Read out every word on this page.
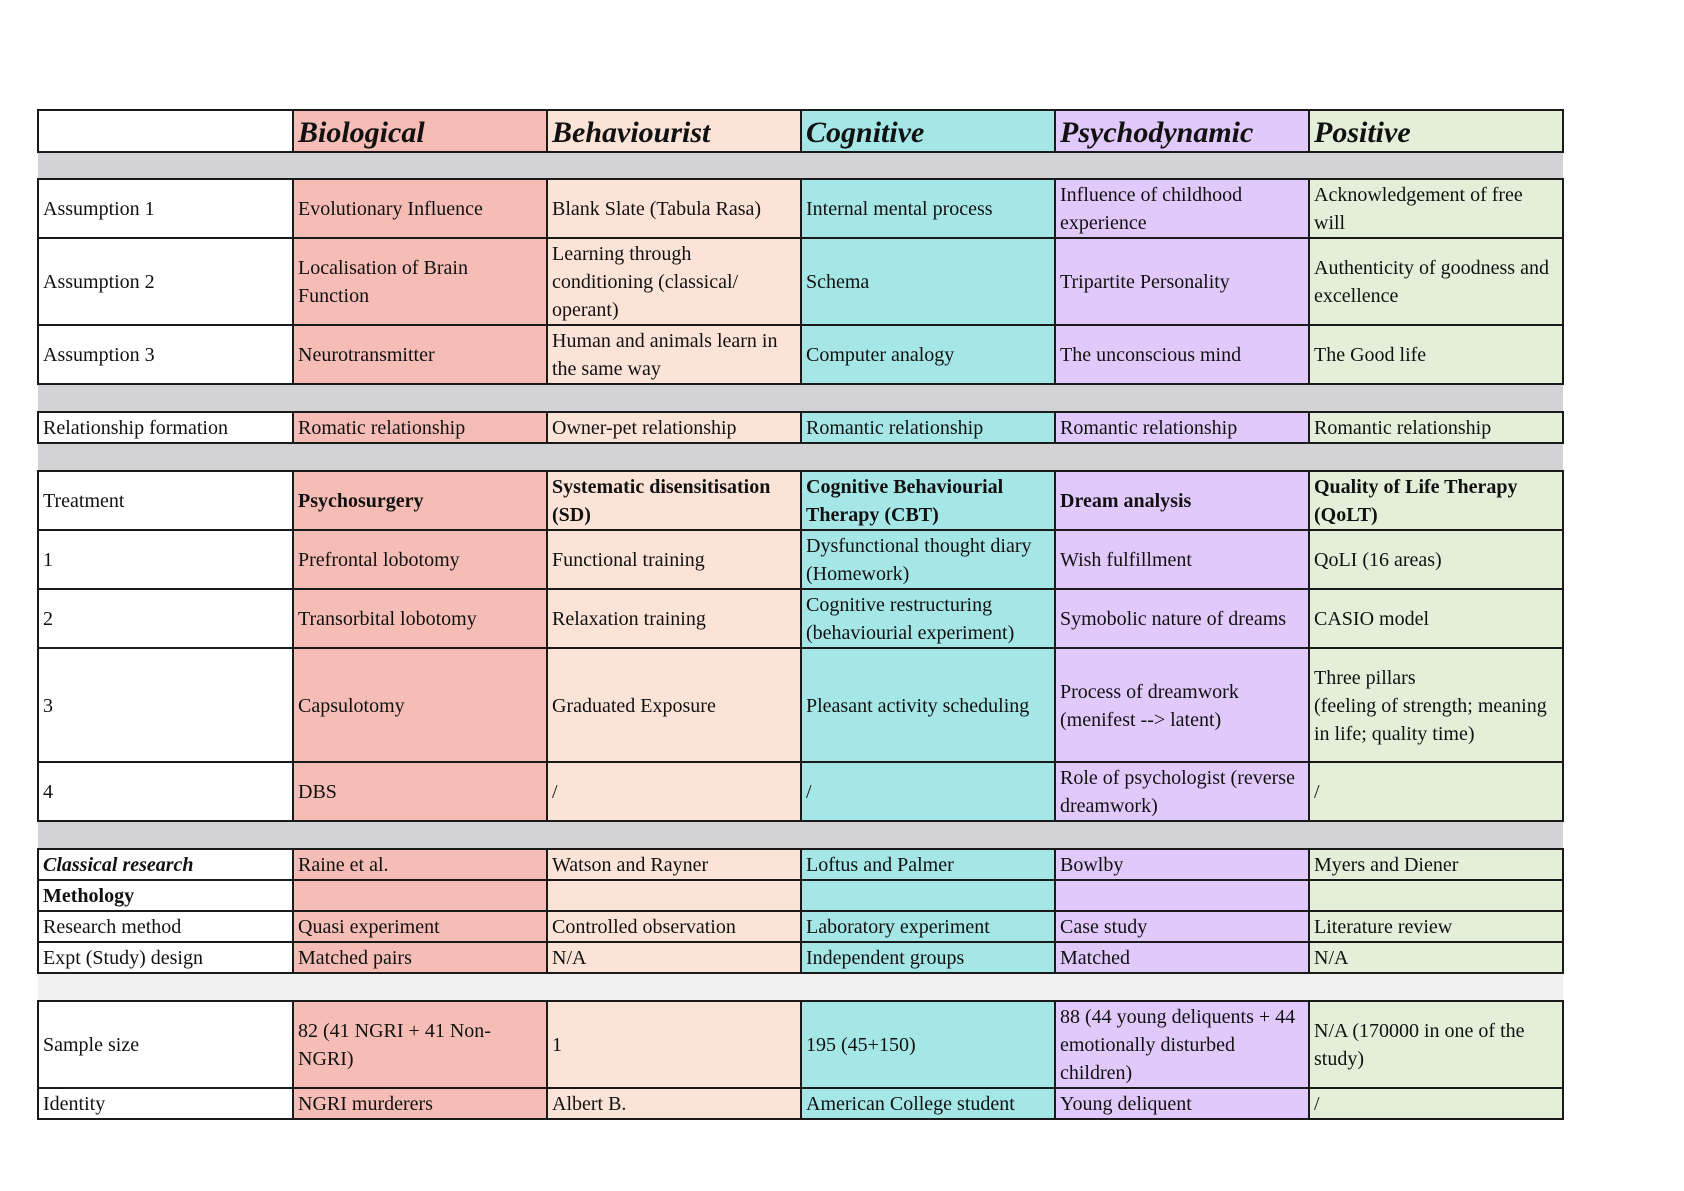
	Biological	Behaviourist	Cognitive	Psychodynamic	Positive

Assumption 1	Evolutionary Influence	Blank Slate (Tabula Rasa)	Internal mental process	Influence of childhood experience	Acknowledgement of free will
Assumption 2	Localisation of Brain Function	Learning through conditioning (classical/ operant)	Schema	Tripartite Personality	Authenticity of goodness and excellence
Assumption 3	Neurotransmitter	Human and animals learn in the same way	Computer analogy	The unconscious mind	The Good life

Relationship formation	Romatic relationship	Owner-pet relationship	Romantic relationship	Romantic relationship	Romantic relationship

Treatment	Psychosurgery	Systematic disensitisation (SD)	Cognitive Behaviourial Therapy (CBT)	Dream analysis	Quality of Life Therapy (QoLT)
1	Prefrontal lobotomy	Functional training	Dysfunctional thought diary (Homework)	Wish fulfillment	QoLI (16 areas)
2	Transorbital lobotomy	Relaxation training	Cognitive restructuring (behaviourial experiment)	Symobolic nature of dreams	CASIO model
3	Capsulotomy	Graduated Exposure	Pleasant activity scheduling	Process of dreamwork (menifest --> latent)	Three pillars
(feeling of strength; meaning in life; quality time)
4	DBS	/	/	Role of psychologist (reverse dreamwork)	/

Classical research	Raine et al.	Watson and Rayner	Loftus and Palmer	Bowlby	Myers and Diener
Methology					
Research method	Quasi experiment	Controlled observation	Laboratory experiment	Case study	Literature review
Expt (Study) design	Matched pairs	N/A	Independent groups	Matched	N/A

Sample size	82 (41 NGRI + 41 Non-NGRI)	1	195 (45+150)	88 (44 young deliquents + 44 emotionally disturbed children)	N/A (170000 in one of the study)
Identity	NGRI murderers	Albert B.	American College student	Young deliquent	/
